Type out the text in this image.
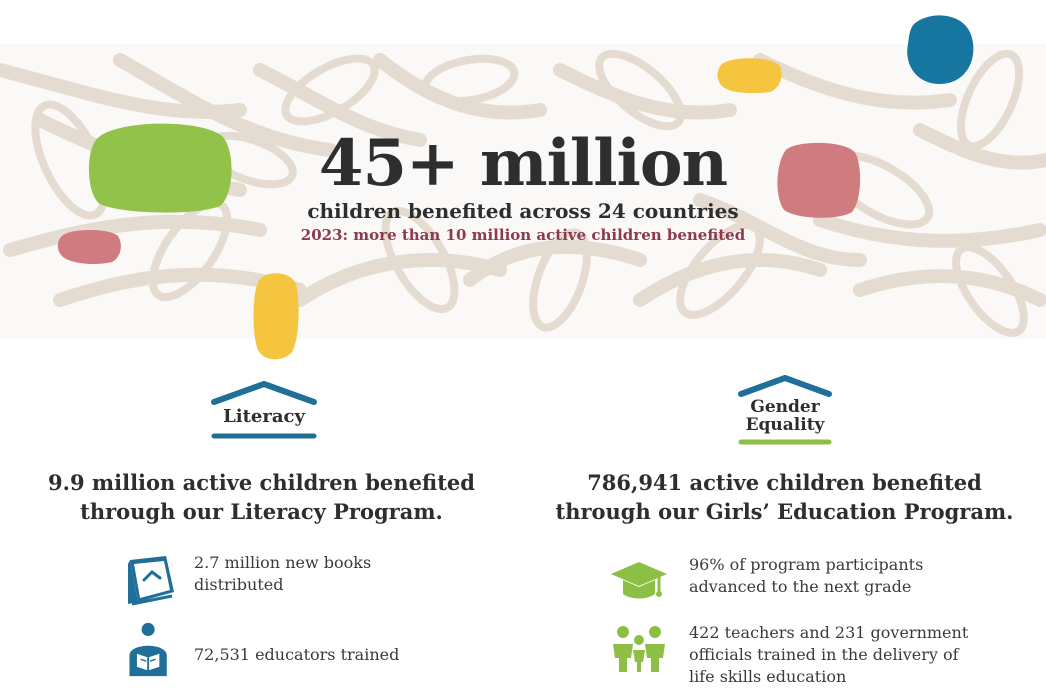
45+ million
children benefited across 24 countries
2023: more than 10 million active children benefited
Literacy
9.9 million active children benefited
through our Literacy Program.
2.7 million new books distributed
72,531 educators trained
Gender
Equality
786,941 active children benefited
through our Girls’ Education Program.
96% of program participants advanced to the next grade
422 teachers and 231 government officials trained in the delivery of life skills education
